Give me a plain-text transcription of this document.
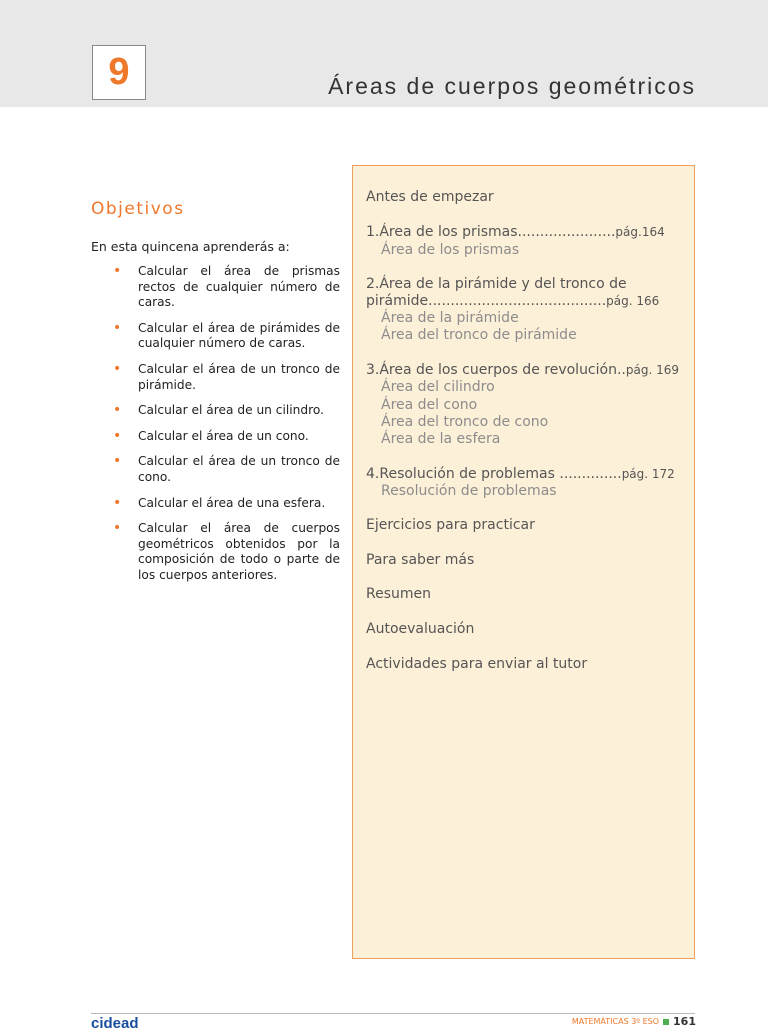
9	Áreas de cuerpos geométricos
Objetivos
En esta quincena aprenderás a:
• Calcular el área de prismas rectos de cualquier número de caras.
• Calcular el área de pirámides de cualquier número de caras.
• Calcular el área de un tronco de pirámide.
• Calcular el área de un cilindro.
• Calcular el área de un cono.
• Calcular el área de un tronco de cono.
• Calcular el área de una esfera.
• Calcular el área de cuerpos geométricos obtenidos por la composición de todo o parte de los cuerpos anteriores.
Antes de empezar
1.Área de los prismas......................pág.164
Área de los prismas
2.Área de la pirámide y del tronco de
pirámide........................................pág. 166
Área de la pirámide
Área del tronco de pirámide
3.Área de los cuerpos de revolución..pág. 169
Área del cilindro
Área del cono
Área del tronco de cono
Área de la esfera
4.Resolución de problemas ..............pág. 172
Resolución de problemas
Ejercicios para practicar
Para saber más
Resumen
Autoevaluación
Actividades para enviar al tutor
cidead	MATEMÁTICAS 3º ESO 161
